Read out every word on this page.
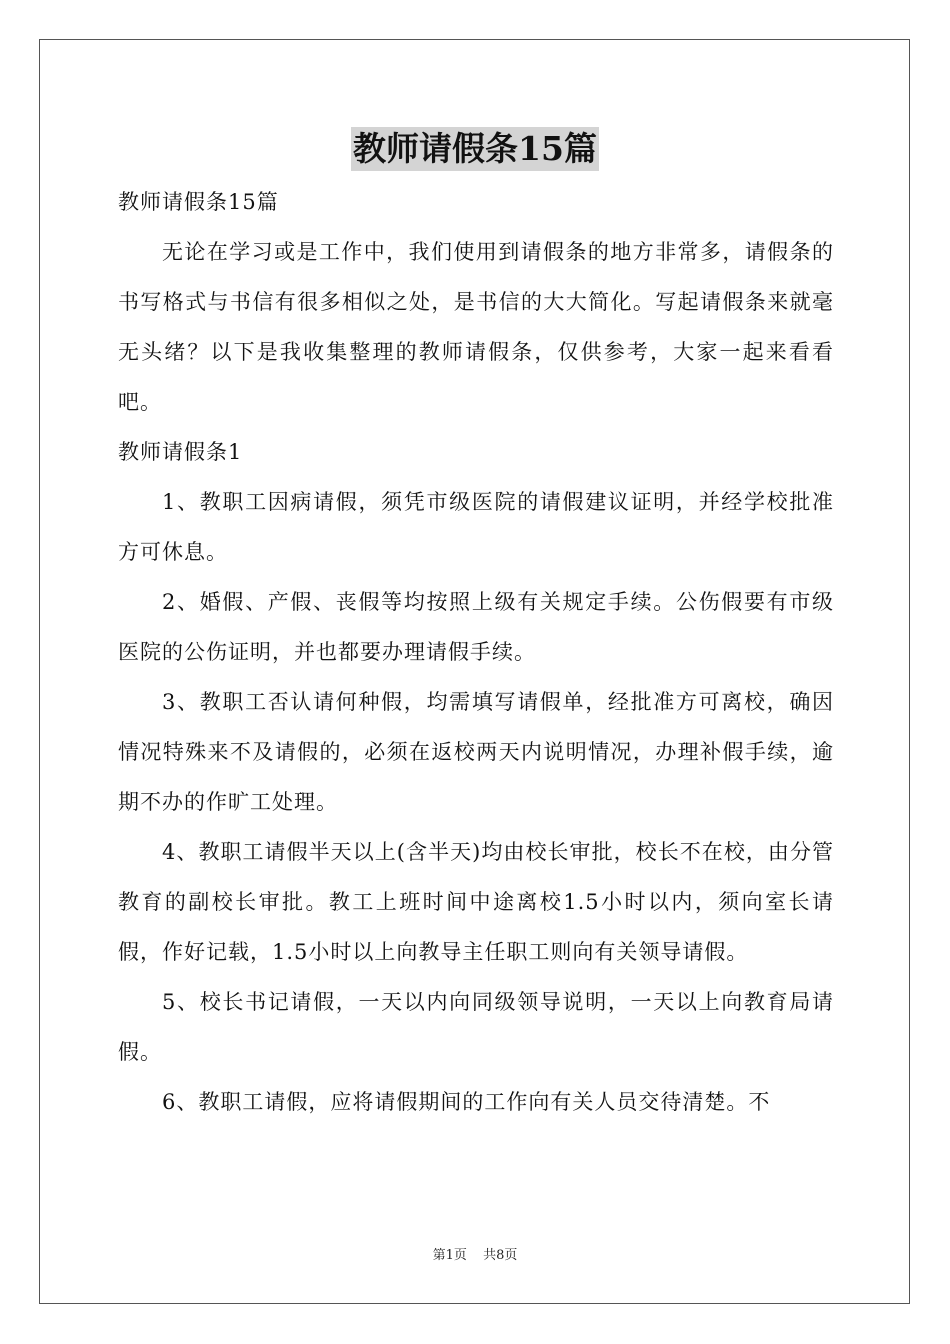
教师请假条15篇

教师请假条15篇

无论在学习或是工作中，我们使用到请假条的地方非常多，请假条的书写格式与书信有很多相似之处，是书信的大大简化。写起请假条来就毫无头绪？以下是我收集整理的教师请假条，仅供参考，大家一起来看看吧。

教师请假条1

1、教职工因病请假，须凭市级医院的请假建议证明，并经学校批准方可休息。

2、婚假、产假、丧假等均按照上级有关规定手续。公伤假要有市级医院的公伤证明，并也都要办理请假手续。

3、教职工否认请何种假，均需填写请假单，经批准方可离校，确因情况特殊来不及请假的，必须在返校两天内说明情况，办理补假手续，逾期不办的作旷工处理。

4、教职工请假半天以上(含半天)均由校长审批，校长不在校，由分管教育的副校长审批。教工上班时间中途离校1.5小时以内，须向室长请假，作好记载，1.5小时以上向教导主任职工则向有关领导请假。

5、校长书记请假，一天以内向同级领导说明，一天以上向教育局请假。

6、教职工请假，应将请假期间的工作向有关人员交待清楚。不

第1页 共8页
